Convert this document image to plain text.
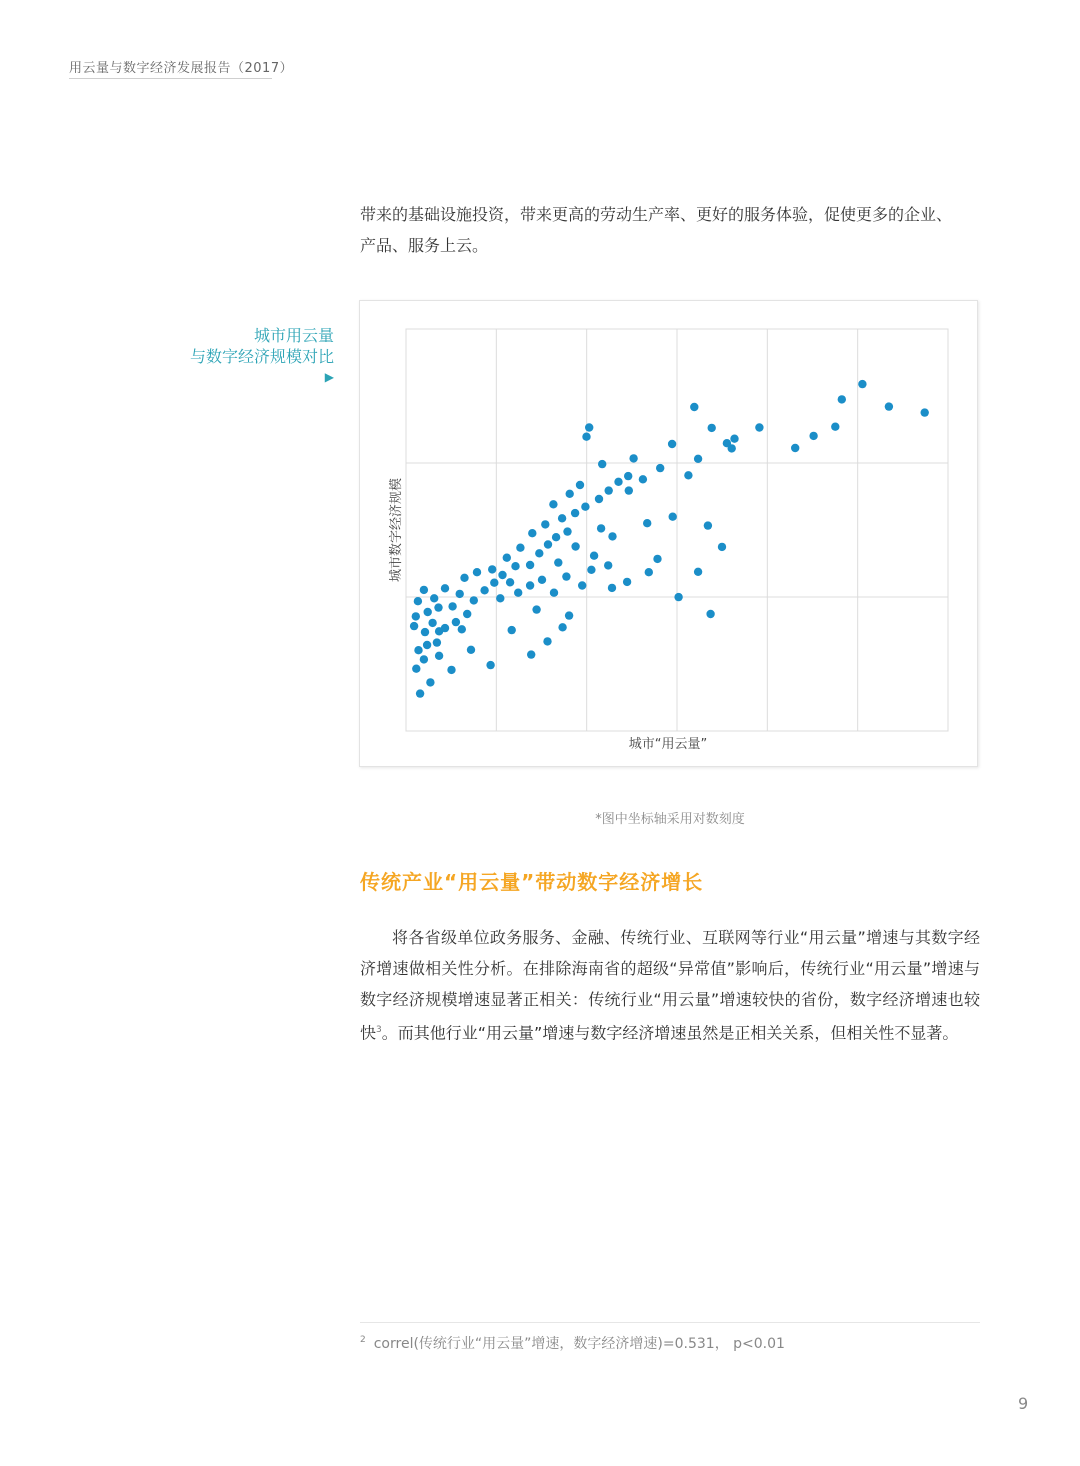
用云量与数字经济发展报告（2017）
带来的基础设施投资，带来更高的劳动生产率、更好的服务体验，促使更多的企业、
产品、服务上云。
城市用云量
与数字经济规模对比
▶
城市数字经济规模
城市“用云量”
*图中坐标轴采用对数刻度
传统产业“用云量”带动数字经济增长

将各省级单位政务服务、金融、传统行业、互联网等行业“用云量”增速与其数字经济增速做相关性分析。在排除海南省的超级“异常值”影响后，传统行业“用云量”增速与数字经济规模增速显著正相关：传统行业“用云量”增速较快的省份，数字经济增速也较快$^3$。而其他行业“用云量”增速与数字经济增速虽然是正相关关系，但相关性不显著。

$^2$ correl(传统行业“用云量”增速，数字经济增速)=0.531， p<0.01
9
